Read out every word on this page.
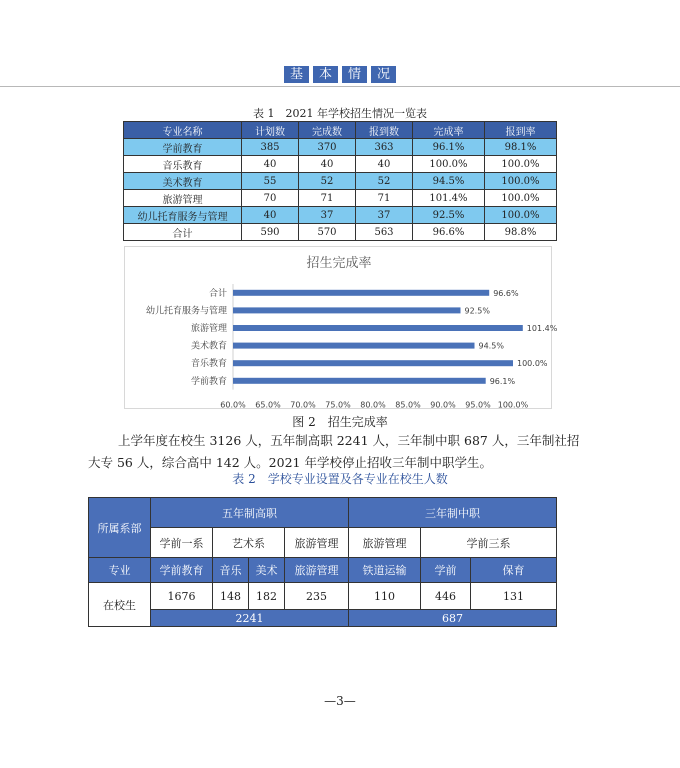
基	本	情	况
表 1　2021 年学校招生情况一览表
专业名称	计划数	完成数	报到数	完成率	报到率
学前教育	385	370	363	96.1%	98.1%
音乐教育	40	40	40	100.0%	100.0%
美术教育	55	52	52	94.5%	100.0%
旅游管理	70	71	71	101.4%	100.0%
幼儿托育服务与管理	40	37	37	92.5%	100.0%
合计	590	570	563	96.6%	98.8%
招生完成率
合计	96.6%
幼儿托育服务与管理	92.5%
旅游管理	101.4%
美术教育	94.5%
音乐教育	100.0%
学前教育	96.1%
60.0% 65.0% 70.0% 75.0% 80.0% 85.0% 90.0% 95.0% 100.0%
图 2　招生完成率
上学年度在校生 3126 人，五年制高职 2241 人，三年制中职 687 人，三年制社招
大专 56 人，综合高中 142 人。2021 年学校停止招收三年制中职学生。
表 2　学校专业设置及各专业在校生人数
所属系部	五年制高职				三年制中职		
	学前一系	艺术系		旅游管理	旅游管理	学前三系	
专业	学前教育	音乐	美术	旅游管理	铁道运输	学前	保育
在校生	1676	148	182	235	110	446	131
	2241				687		
—3—
